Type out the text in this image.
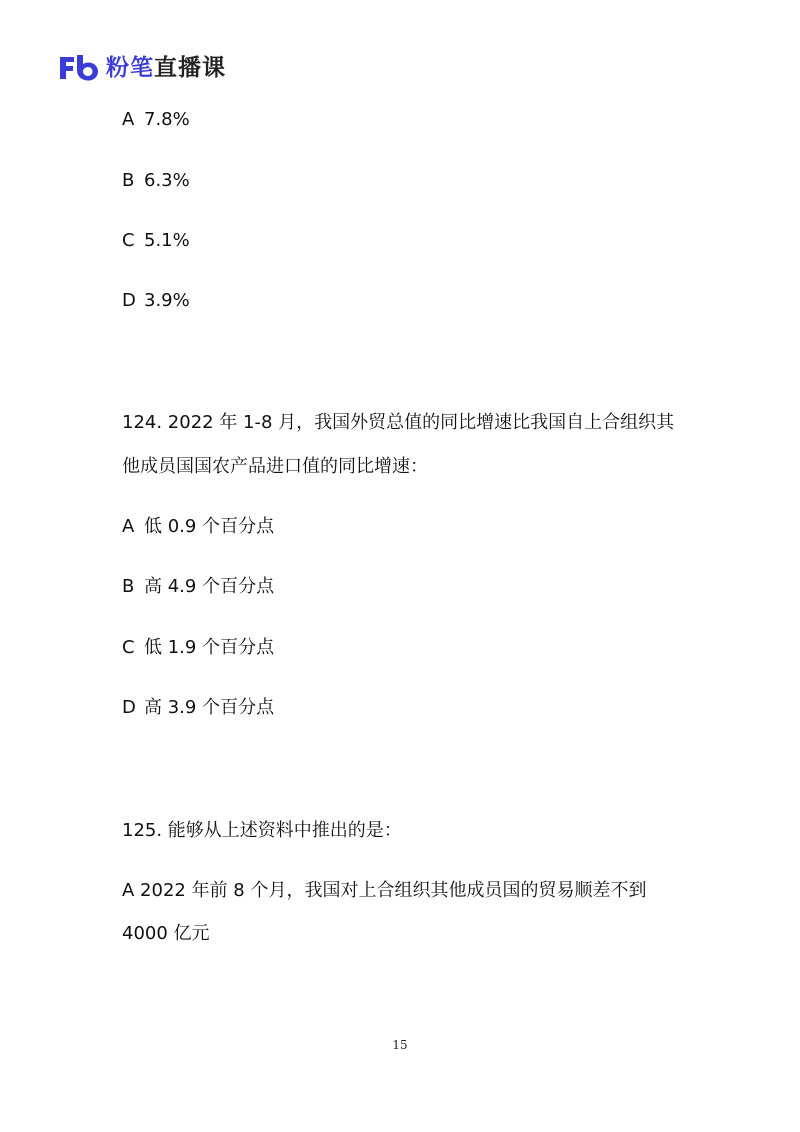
粉笔直播课
A 7.8%
B 6.3%
C 5.1%
D 3.9%
124. 2022 年 1-8 月，我国外贸总值的同比增速比我国自上合组织其
他成员国国农产品进口值的同比增速：
A 低 0.9 个百分点
B 高 4.9 个百分点
C 低 1.9 个百分点
D 高 3.9 个百分点
125. 能够从上述资料中推出的是：
A 2022 年前 8 个月，我国对上合组织其他成员国的贸易顺差不到
4000 亿元
15
